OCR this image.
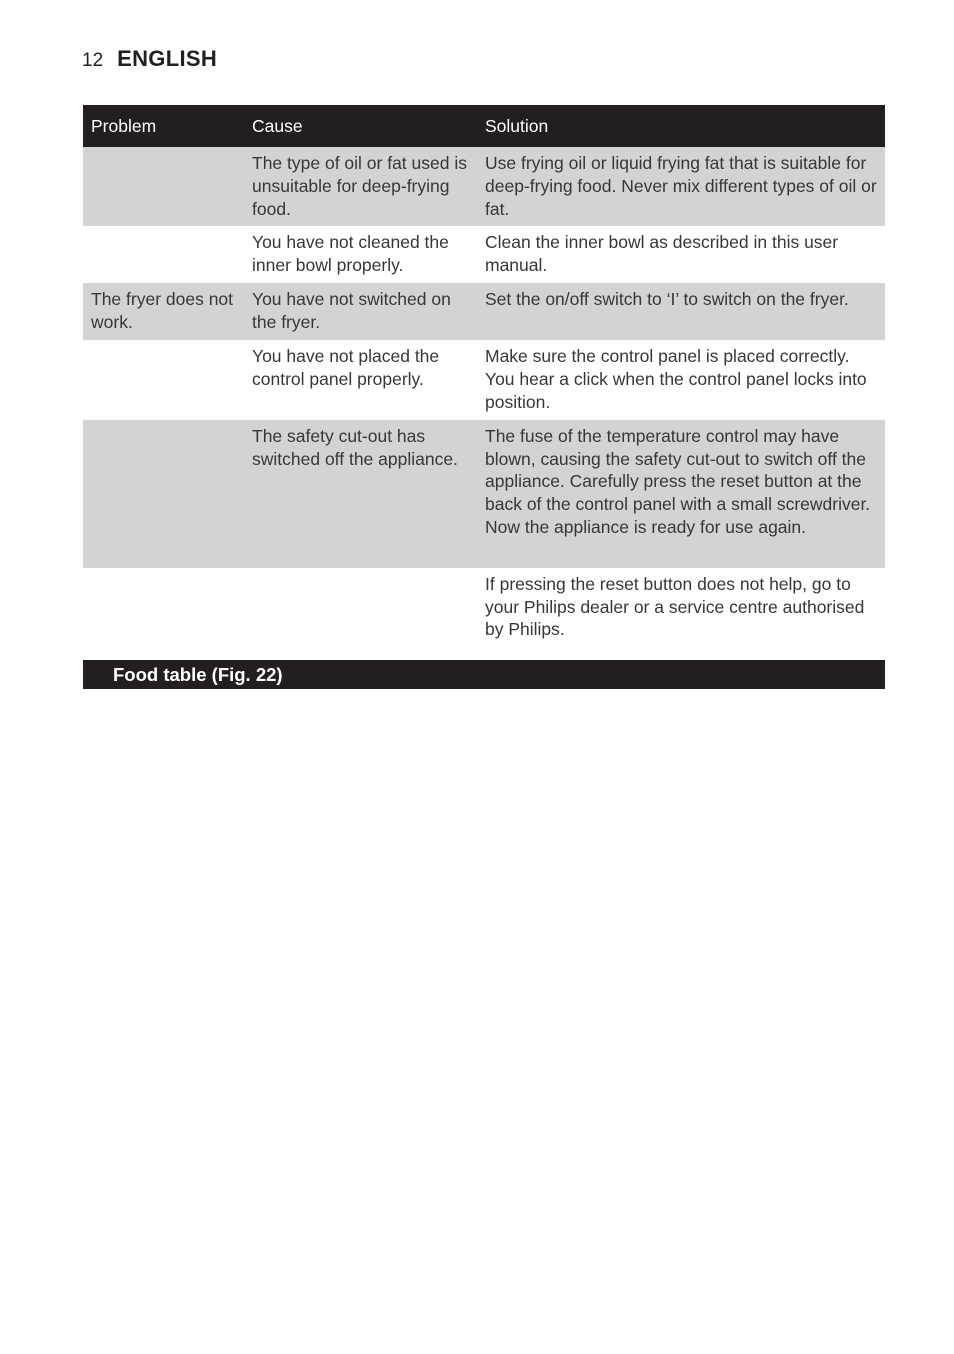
12 ENGLISH
Problem	Cause	Solution
	The type of oil or fat used is unsuitable for deep-frying food.	Use frying oil or liquid frying fat that is suitable for deep-frying food. Never mix different types of oil or fat.
	You have not cleaned the inner bowl properly.	Clean the inner bowl as described in this user manual.
The fryer does not work.	You have not switched on the fryer.	Set the on/off switch to ‘I’ to switch on the fryer.
	You have not placed the control panel properly.	Make sure the control panel is placed correctly. You hear a click when the control panel locks into position.
	The safety cut-out has switched off the appliance.	The fuse of the temperature control may have blown, causing the safety cut-out to switch off the appliance. Carefully press the reset button at the back of the control panel with a small screwdriver. Now the appliance is ready for use again.
		If pressing the reset button does not help, go to your Philips dealer or a service centre authorised by Philips.
Food table (Fig. 22)
